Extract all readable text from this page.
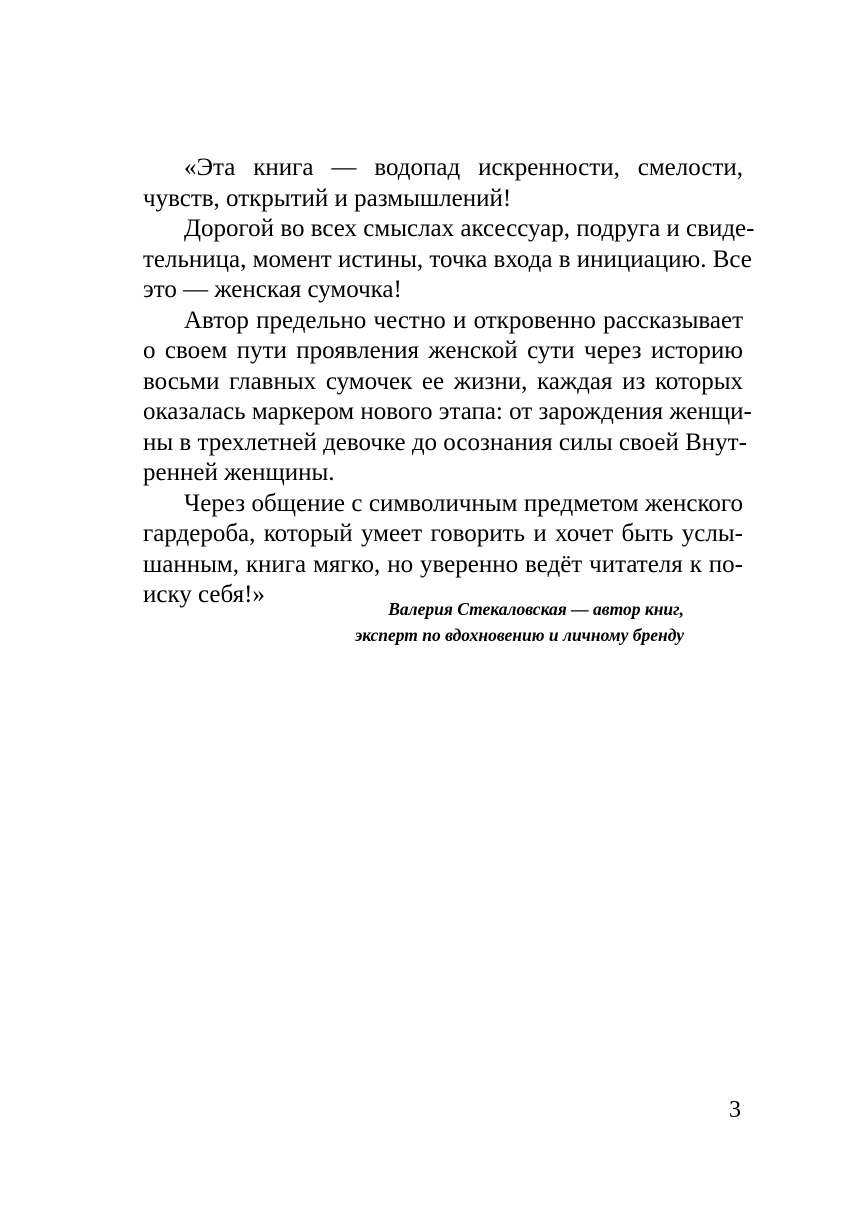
«Эта книга — водопад искренности, смелости,
чувств, открытий и размышлений!
Дорогой во всех смыслах аксессуар, подруга и свиде-
тельница, момент истины, точка входа в инициацию. Все
это — женская сумочка!
Автор предельно честно и откровенно рассказывает
о своем пути проявления женской сути через историю
восьми главных сумочек ее жизни, каждая из которых
оказалась маркером нового этапа: от зарождения женщи-
ны в трехлетней девочке до осознания силы своей Внут-
ренней женщины.
Через общение с символичным предметом женского
гардероба, который умеет говорить и хочет быть услы-
шанным, книга мягко, но уверенно ведёт читателя к по-
иску себя!»
Валерия Стекаловская — автор книг,
эксперт по вдохновению и личному бренду
3
